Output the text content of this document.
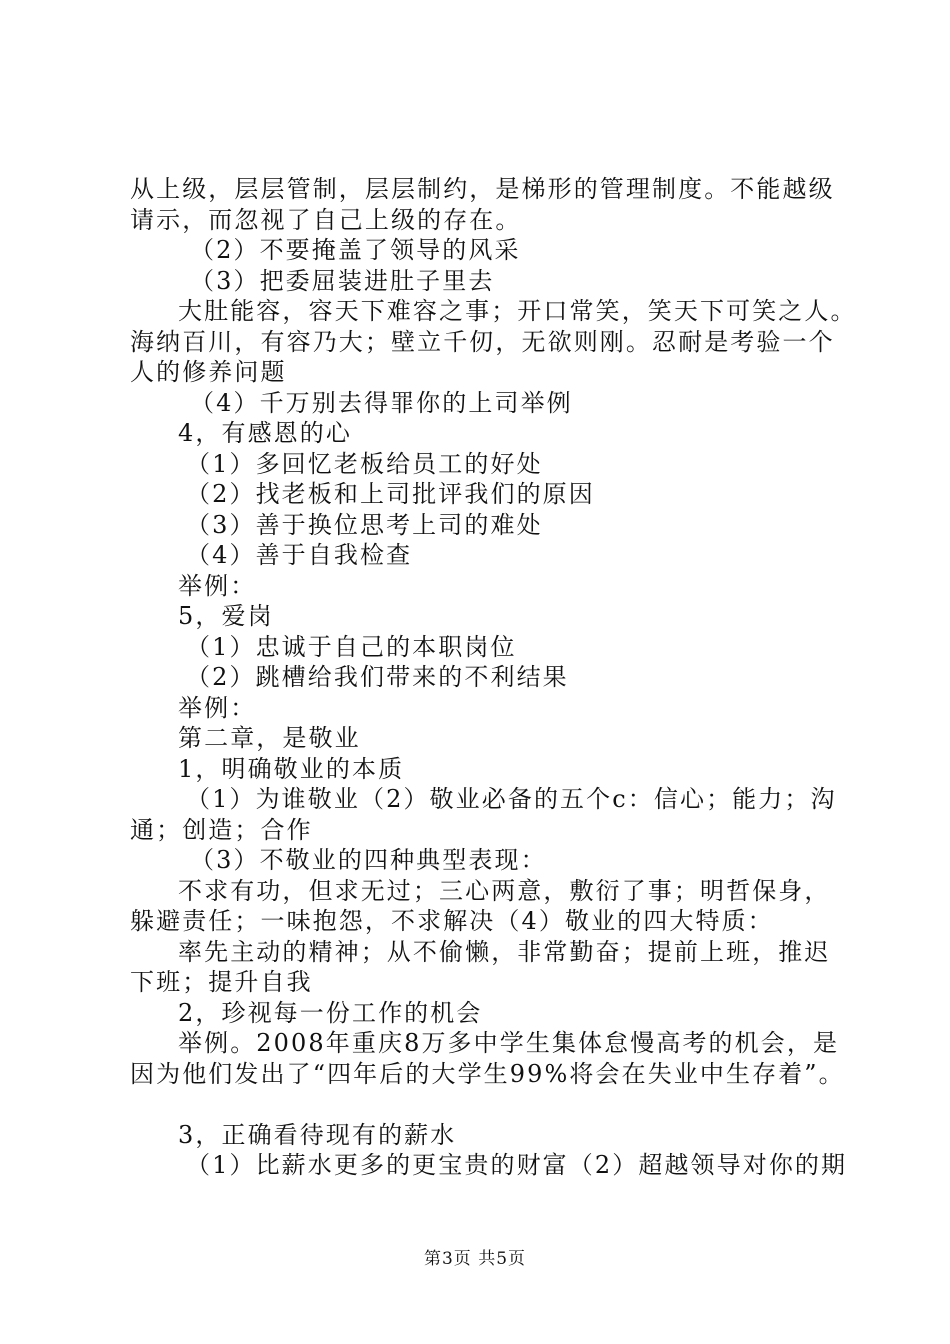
从上级，层层管制，层层制约，是梯形的管理制度。不能越级
请示，而忽视了自己上级的存在。
（2）不要掩盖了领导的风采
（3）把委屈装进肚子里去
大肚能容，容天下难容之事；开口常笑，笑天下可笑之人。
海纳百川，有容乃大；壁立千仞，无欲则刚。忍耐是考验一个
人的修养问题
（4）千万别去得罪你的上司举例
4，有感恩的心
（1）多回忆老板给员工的好处
（2）找老板和上司批评我们的原因
（3）善于换位思考上司的难处
（4）善于自我检查
举例：
5，爱岗
（1）忠诚于自己的本职岗位
（2）跳槽给我们带来的不利结果
举例：
第二章，是敬业
1，明确敬业的本质
（1）为谁敬业（2）敬业必备的五个c：信心；能力；沟
通；创造；合作
（3）不敬业的四种典型表现：
不求有功，但求无过；三心两意，敷衍了事；明哲保身，
躲避责任；一味抱怨，不求解决（4）敬业的四大特质：
率先主动的精神；从不偷懒，非常勤奋；提前上班，推迟
下班；提升自我
2，珍视每一份工作的机会
举例。2008年重庆8万多中学生集体怠慢高考的机会，是
因为他们发出了“四年后的大学生99%将会在失业中生存着”。
3，正确看待现有的薪水
（1）比薪水更多的更宝贵的财富（2）超越领导对你的期
第3页 共5页
